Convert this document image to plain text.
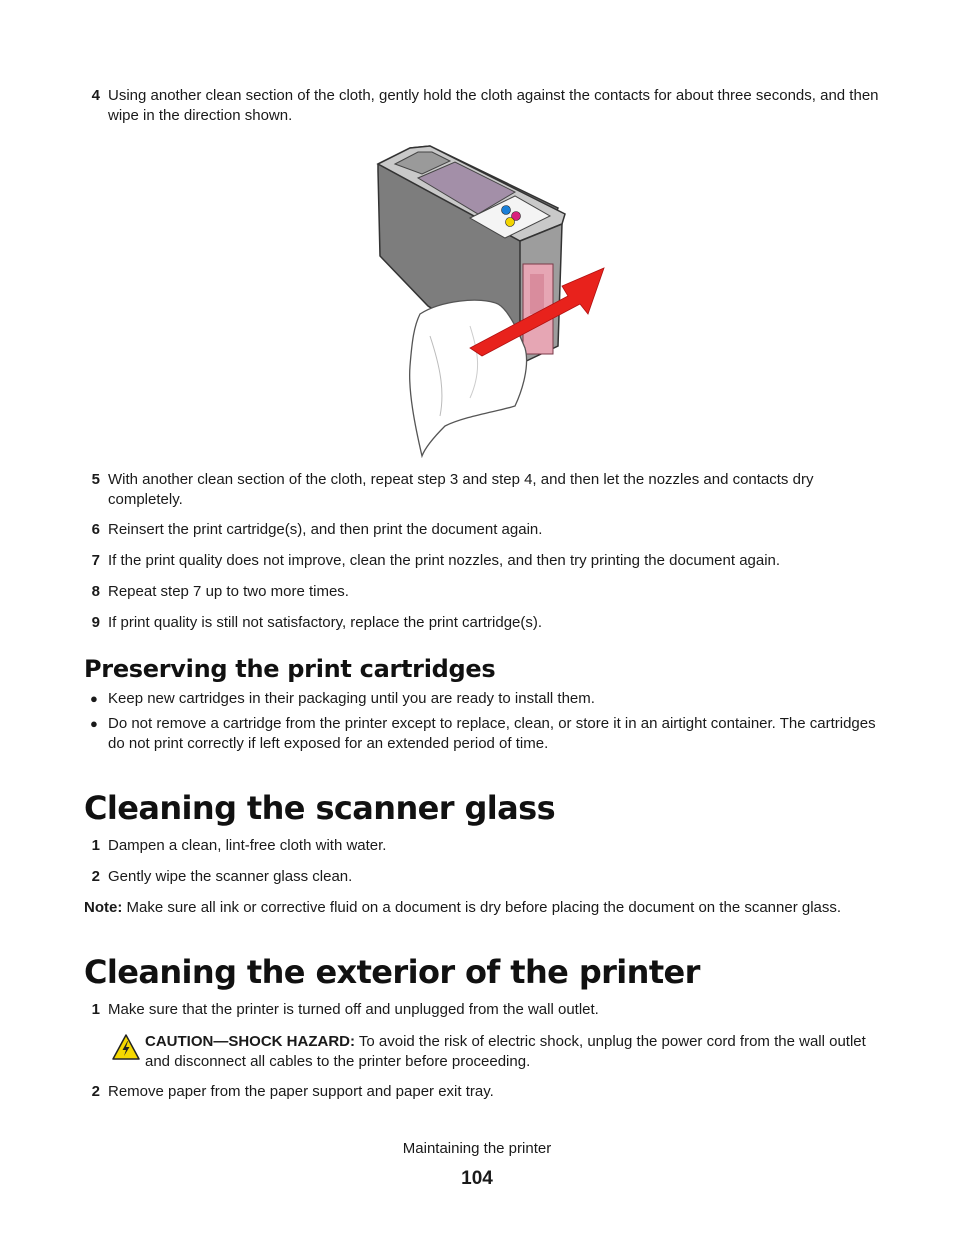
4 Using another clean section of the cloth, gently hold the cloth against the contacts for about three seconds, and then wipe in the direction shown.
5 With another clean section of the cloth, repeat step 3 and step 4, and then let the nozzles and contacts dry completely.
6 Reinsert the print cartridge(s), and then print the document again.
7 If the print quality does not improve, clean the print nozzles, and then try printing the document again.
8 Repeat step 7 up to two more times.
9 If print quality is still not satisfactory, replace the print cartridge(s).
Preserving the print cartridges
● Keep new cartridges in their packaging until you are ready to install them.
● Do not remove a cartridge from the printer except to replace, clean, or store it in an airtight container. The cartridges do not print correctly if left exposed for an extended period of time.
Cleaning the scanner glass
1 Dampen a clean, lint-free cloth with water.
2 Gently wipe the scanner glass clean.
Note: Make sure all ink or corrective fluid on a document is dry before placing the document on the scanner glass.
Cleaning the exterior of the printer
1 Make sure that the printer is turned off and unplugged from the wall outlet.
CAUTION—SHOCK HAZARD: To avoid the risk of electric shock, unplug the power cord from the wall outlet and disconnect all cables to the printer before proceeding.
2 Remove paper from the paper support and paper exit tray.
Maintaining the printer
104
